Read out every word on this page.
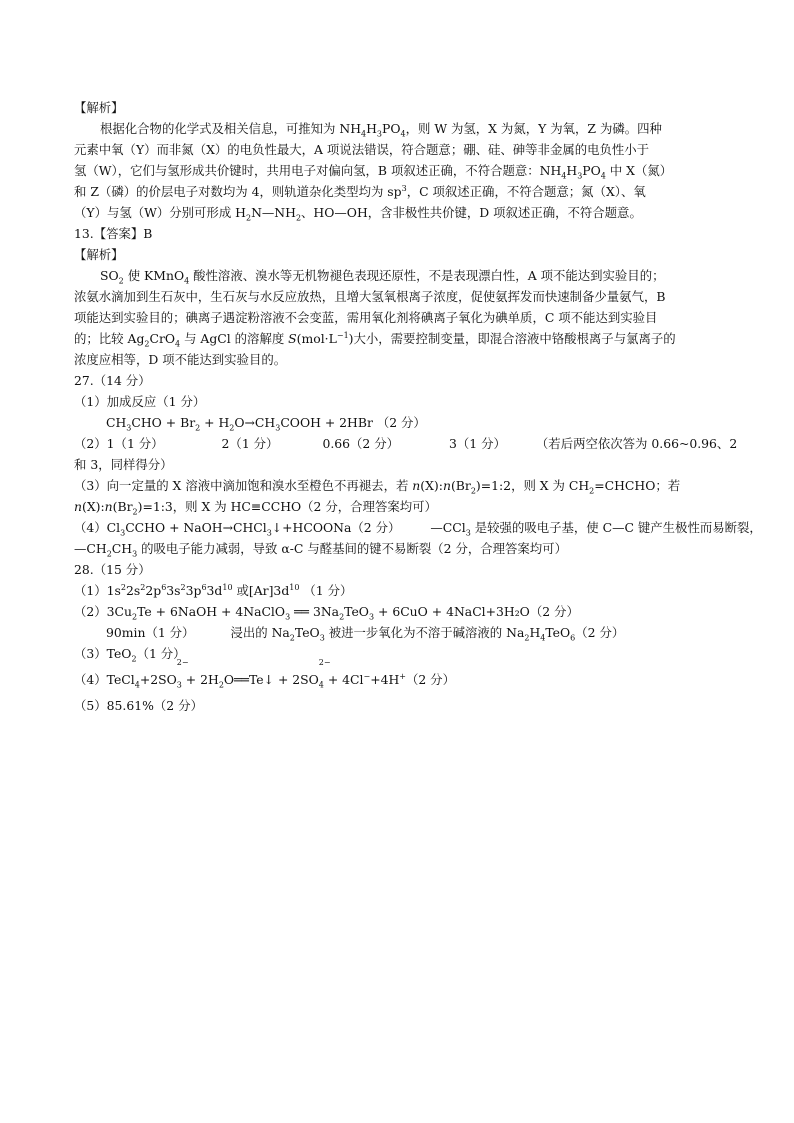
【解析】
根据化合物的化学式及相关信息，可推知为 $NH_4H_3PO_4$，则 W 为氢，X 为氮，Y 为氧，Z 为磷。四种
元素中氧（Y）而非氮（X）的电负性最大，A 项说法错误，符合题意；硼、硅、砷等非金属的电负性小于
氢（W），它们与氢形成共价键时，共用电子对偏向氢，B 项叙述正确，不符合题意：$NH_4H_3PO_4$ 中 X（氮）
和 Z（磷）的价层电子对数均为 4，则轨道杂化类型均为 $sp^3$，C 项叙述正确，不符合题意；氮（X）、氧
（Y）与氢（W）分别可形成 $H_2N—NH_2$、HO—OH，含非极性共价键，D 项叙述正确，不符合题意。
13.【答案】B
【解析】
$SO_2$ 使 KMnO$_4$ 酸性溶液、溴水等无机物褪色表现还原性，不是表现漂白性，A 项不能达到实验目的；
浓氨水滴加到生石灰中，生石灰与水反应放热，且增大氢氧根离子浓度，促使氨挥发而快速制备少量氨气，B
项能达到实验目的；碘离子遇淀粉溶液不会变蓝，需用氧化剂将碘离子氧化为碘单质，C 项不能达到实验目
的；比较 $Ag_2CrO_4$ 与 AgCl 的溶解度 $S(mol\cdot L^{-1})$大小，需要控制变量，即混合溶液中铬酸根离子与氯离子的
浓度应相等，D 项不能达到实验目的。
27.（14 分）
（1）加成反应（1 分）
$CH_3CHO + Br_2$ + $H_2O\to CH_3COOH + 2HBr$ （2 分）
（2）1（1 分）	2（1 分）	0.66（2 分）	3（1 分） （若后两空依次答为 0.66~0.96、2
和 3，同样得分）
（3）向一定量的 X 溶液中滴加饱和溴水至橙色不再褪去，若 $n(X):n(Br_2)=1:2$，则 X 为 $CH_2=CHCHO$；若
$n(X):n(Br_2)=1:3$，则 X 为 HC≡CCHO（2 分，合理答案均可）
$(4)Cl_3CCHO$ + NaOH→CHCl$_3$↓+HCOONa（2 分） —CCl$_3$ 是较强的吸电子基，使 C—C 键产生极性而易断裂，
$—CH_2CH_3$ 的吸电子能力减弱，导致 α-C 与醛基间的键不易断裂（2 分，合理答案均可）
28.（15 分）
$(1)1s^22s^22p^63s^23p^63d^{10}$ 或$[Ar]3d^{10}$ （1 分）
$(2)3Cu_2Te$ + 6NaOH + 4NaClO$_3$ ══ $3Na_2TeO_3 + 6CuO$ + 4NaCl+3H₂O（2 分）
90min（1 分）	浸出的 $Na_2TeO_3$ 被进一步氧化为不溶于碱溶液的 $Na_2H_4TeO_6(2$ 分）
（3）TeO$_2$（1 分）
（4）TeCl$_4$+2SO
2−
$_3 + 2H_2O══Te↓ + 2SO$
2−
$_4$ + 4Cl−+4H+（2 分）
（5）85.61%（2 分）
